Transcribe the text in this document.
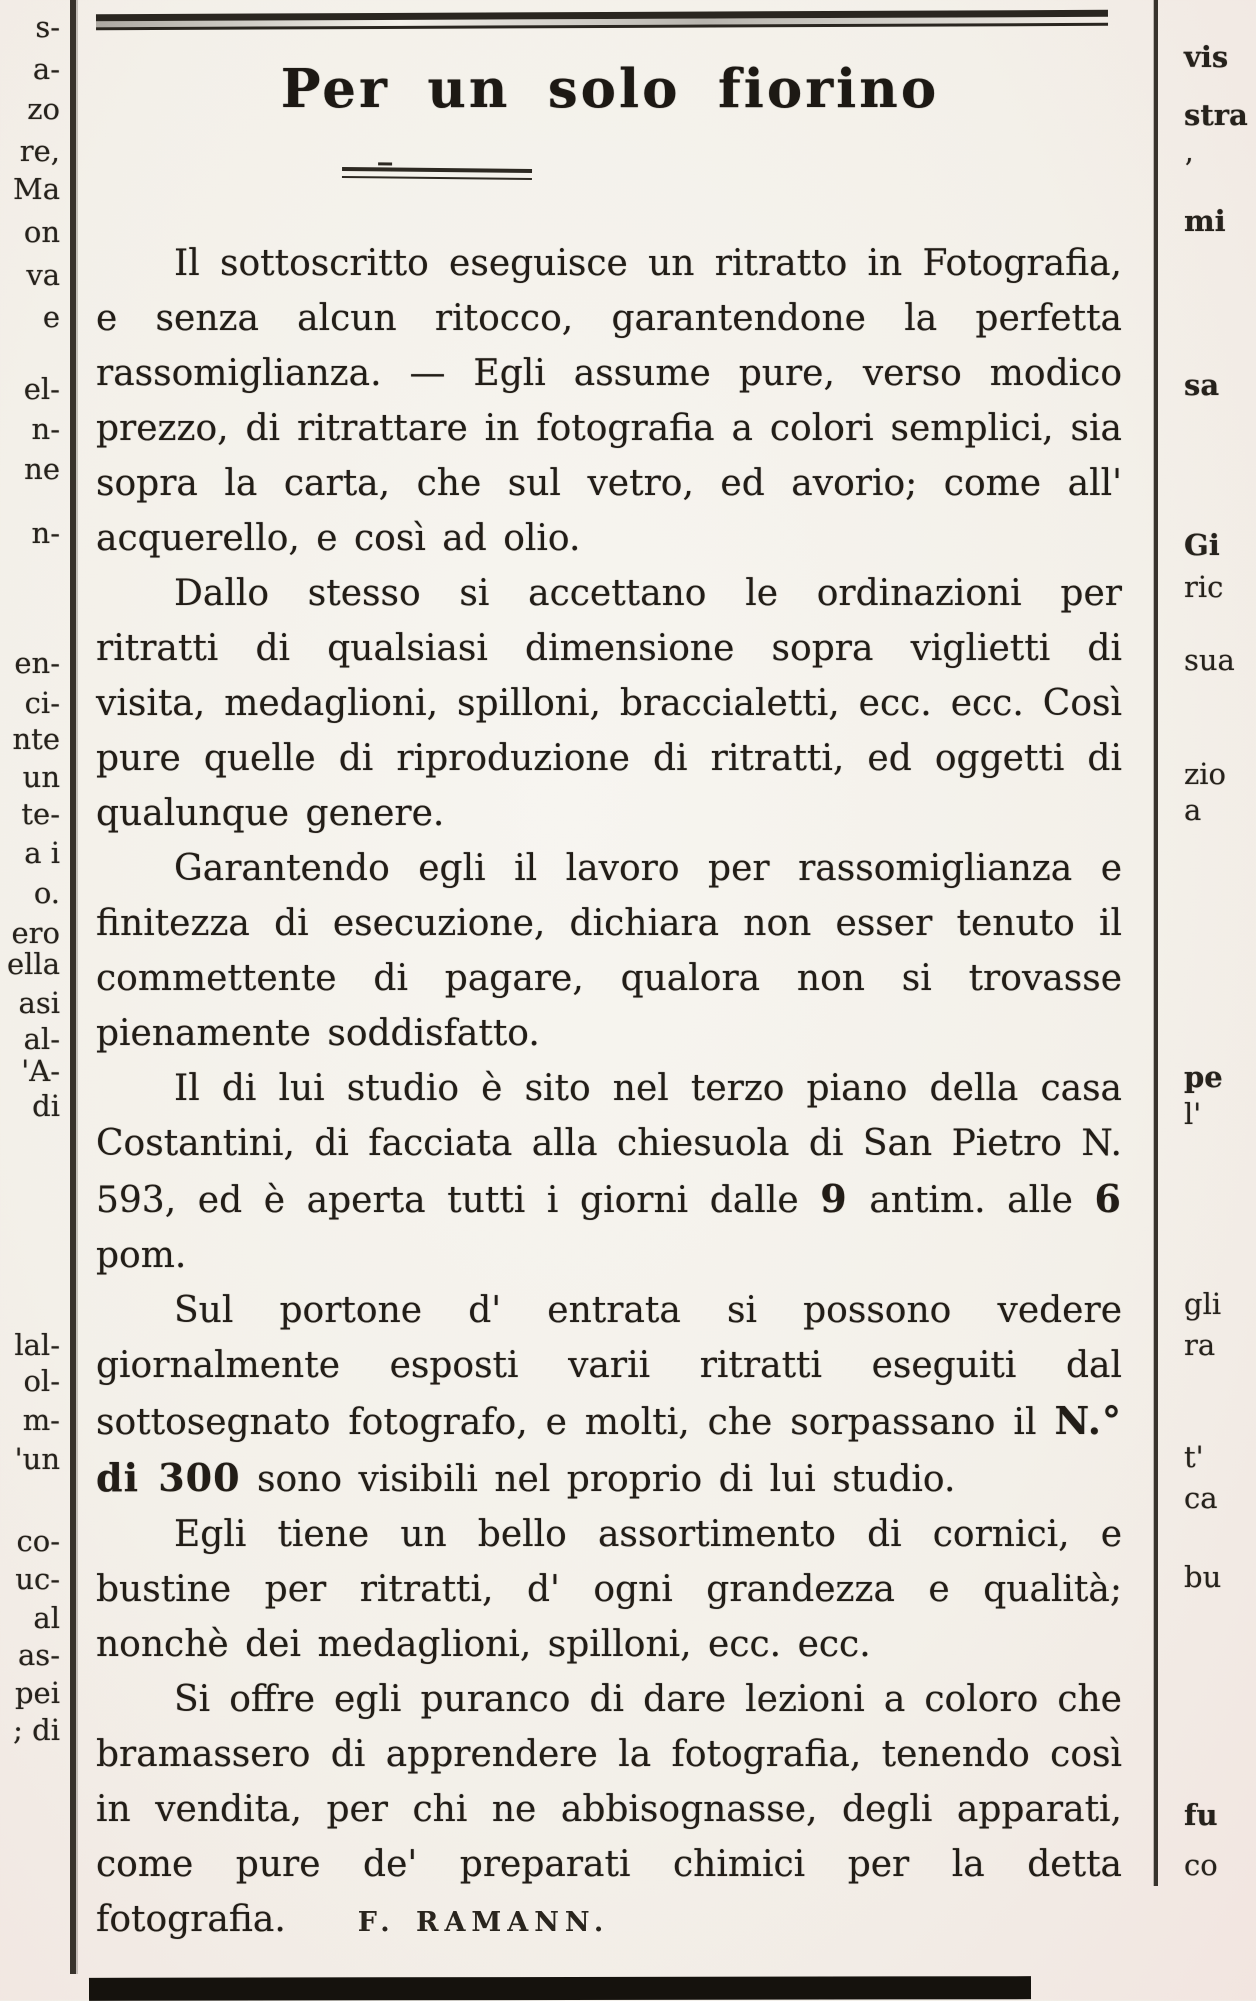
s-
a-
zo
re,
Ma
on
va
e
el-
n-
ne
n-
en-
ci-
nte
un
te-
a i
o.
ero
ella
asi
al-
'A-
di
lal-
ol-
m-
'un
co-
uc-
al
as-
pei
; di
Per un solo fiorino

Il sottoscritto eseguisce un ritratto in Fotografia, e senza alcun ritocco, garantendone la perfetta rassomiglianza. — Egli assume pure, verso modico prezzo, di ritrattare in fotografia a colori semplici, sia sopra la carta, che sul vetro, ed avorio; come all' acquerello, e così ad olio.

Dallo stesso si accettano le ordinazioni per ritratti di qualsiasi dimensione sopra viglietti di visita, medaglioni, spilloni, braccialetti, ecc. ecc. Così pure quelle di riproduzione di ritratti, ed oggetti di qualunque genere.

Garantendo egli il lavoro per rassomiglianza e finitezza di esecuzione, dichiara non esser tenuto il commettente di pagare, qualora non si trovasse pienamente soddisfatto.

Il di lui studio è sito nel terzo piano della casa Costantini, di facciata alla chiesuola di San Pietro N. 593, ed è aperta tutti i giorni dalle 9 antim. alle 6 pom.

Sul portone d' entrata si possono vedere giornalmente esposti varii ritratti eseguiti dal sottosegnato fotografo, e molti, che sorpassano il N.° di 300 sono visibili nel proprio di lui studio.

Egli tiene un bello assortimento di cornici, e bustine per ritratti, d' ogni grandezza e qualità; nonchè dei medaglioni, spilloni, ecc. ecc.

Si offre egli puranco di dare lezioni a coloro che bramassero di apprendere la fotografia, tenendo così in vendita, per chi ne abbisognasse, degli apparati, come pure de' preparati chimici per la detta fotografia.	F. RAMANN.

vis
stra
’
mi
sa
Gi
ric
sua
zio
a
pe
l'
gli
ra
t'
ca
bu
fu
co
